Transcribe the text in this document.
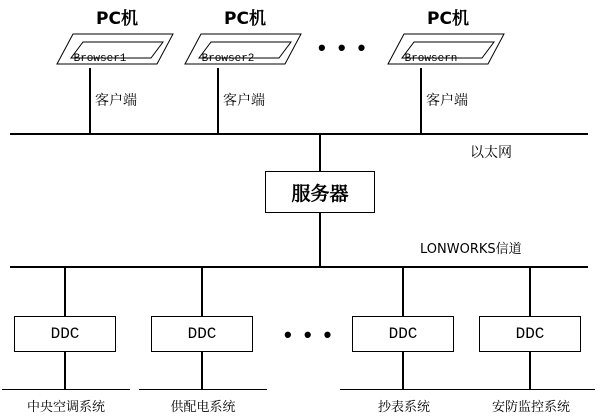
PC机
Browser1
客户端
PC机
Browser2
客户端
• • •
PC机
Browsern
客户端
以太网
服务器
LONWORKS信道
DDC
中央空调系统
DDC
供配电系统
• • •	DDC
抄表系统
DDC
安防监控系统
